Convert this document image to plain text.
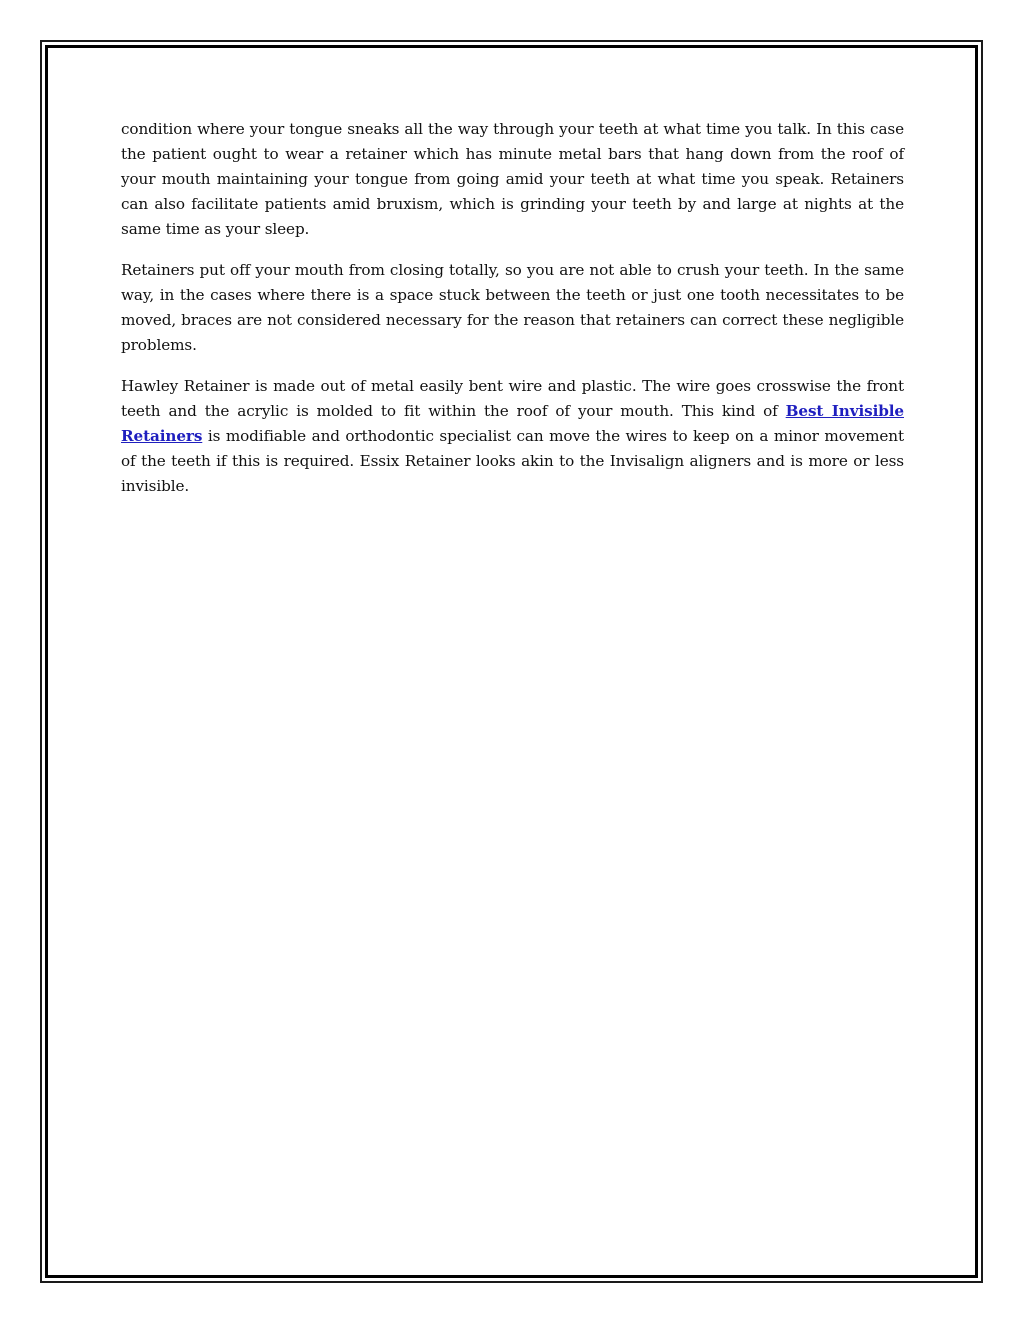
condition where your tongue sneaks all the way through your teeth at what time you talk. In this case the patient ought to wear a retainer which has minute metal bars that hang down from the roof of your mouth maintaining your tongue from going amid your teeth at what time you speak. Retainers can also facilitate patients amid bruxism, which is grinding your teeth by and large at nights at the same time as your sleep.

Retainers put off your mouth from closing totally, so you are not able to crush your teeth. In the same way, in the cases where there is a space stuck between the teeth or just one tooth necessitates to be moved, braces are not considered necessary for the reason that retainers can correct these negligible problems.

Hawley Retainer is made out of metal easily bent wire and plastic. The wire goes crosswise the front teeth and the acrylic is molded to fit within the roof of your mouth. This kind of Best Invisible Retainers is modifiable and orthodontic specialist can move the wires to keep on a minor movement of the teeth if this is required. Essix Retainer looks akin to the Invisalign aligners and is more or less invisible.
